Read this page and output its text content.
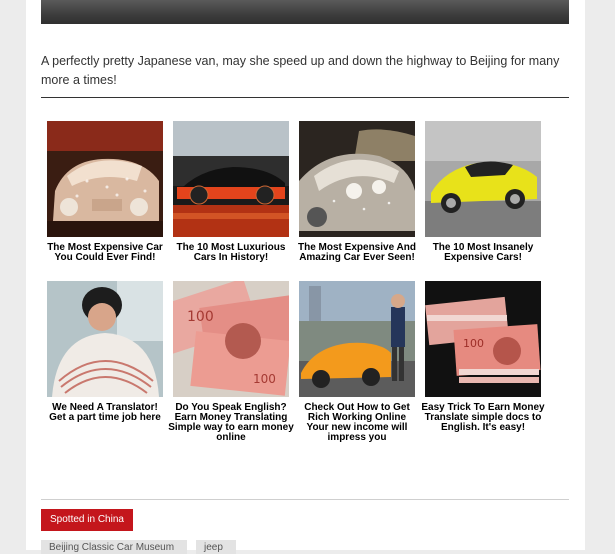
A perfectly pretty Japanese van, may she speed up and down the highway to Beijing for many more a times!

The Most Expensive Car You Could Ever Find!
The 10 Most Luxurious Cars In History!
The Most Expensive And Amazing Car Ever Seen!
The 10 Most Insanely Expensive Cars!
We Need A Translator!
Get a part time job here
100
100
Do You Speak English?
Earn Money Translating Simple way to earn money online
Check Out How to Get Rich Working Online
Your new income will impress you
100
Easy Trick To Earn Money
Translate simple docs to English. It's easy!
Spotted in China
Beijing Classic Car Museum	jeep
